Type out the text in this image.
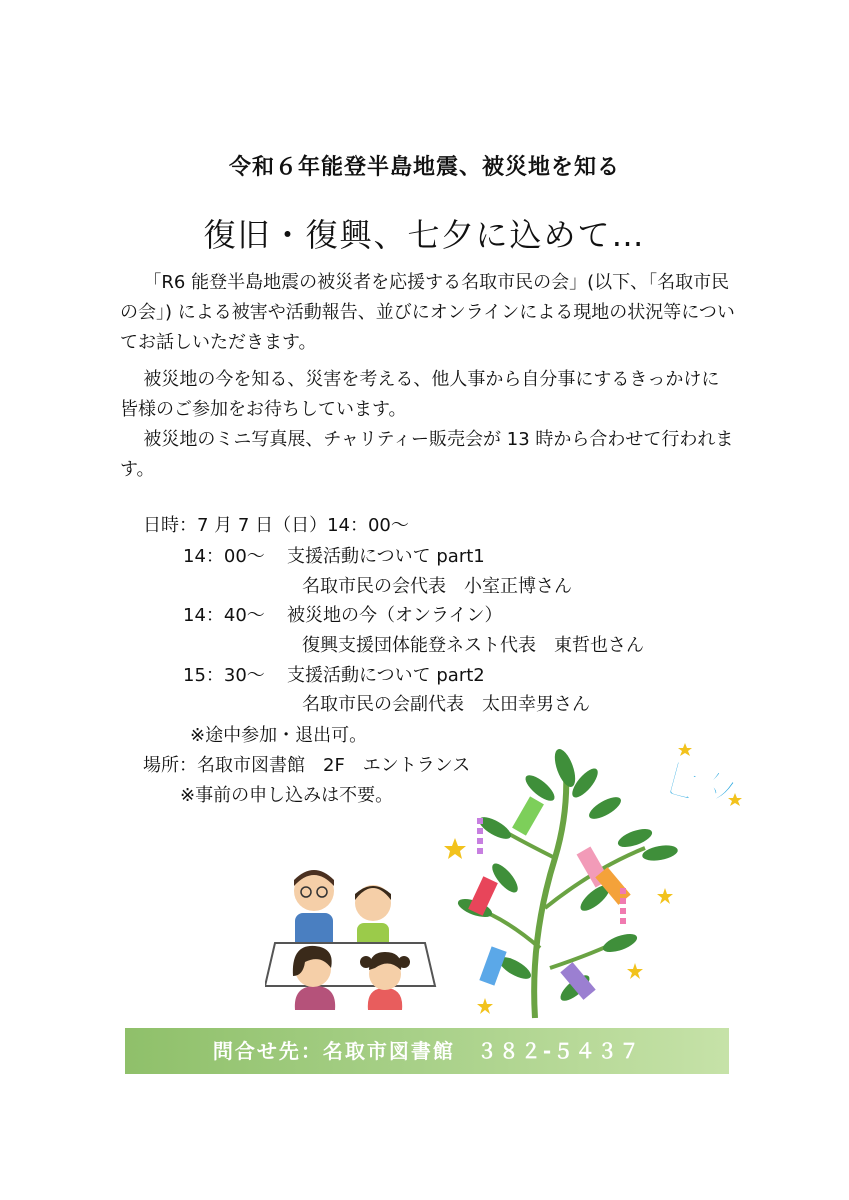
令和６年能登半島地震、被災地を知る
復旧・復興、七夕に込めて…
「R6 能登半島地震の被災者を応援する名取市民の会」(以下、「名取市民の会」) による被害や活動報告、並びにオンラインによる現地の状況等についてお話しいただきます。
被災地の今を知る、災害を考える、他人事から自分事にするきっかけに皆様のご参加をお待ちしています。
被災地のミニ写真展、チャリティー販売会が 13 時から合わせて行われます。
日時：7 月 7 日（日）14：00～
14：00～ 支援活動について part1
名取市民の会代表　小室正博さん
14：40～ 被災地の今（オンライン）
復興支援団体能登ネスト代表　東哲也さん
15：30～ 支援活動について part2
名取市民の会副代表　太田幸男さん
※途中参加・退出可。
場所：名取市図書館　2F　エントランス
※事前の申し込みは不要。	七夕
問合せ先：名取市図書館　３８２-５４３７
